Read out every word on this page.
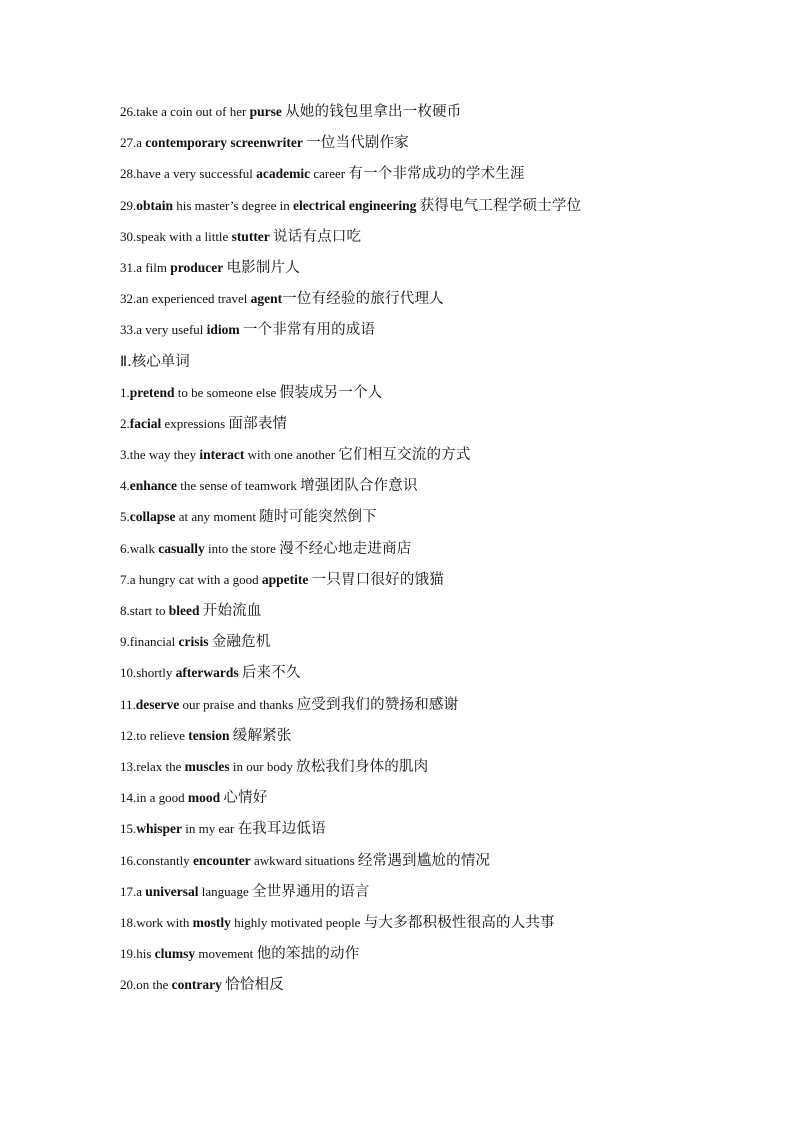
26.take a coin out of her purse 从她的钱包里拿出一枚硬币
27.a contemporary screenwriter 一位当代剧作家
28.have a very successful academic career 有一个非常成功的学术生涯
29.obtain his master’s degree in electrical engineering 获得电气工程学硕士学位
30.speak with a little stutter 说话有点口吃
31.a film producer 电影制片人
32.an experienced travel agent一位有经验的旅行代理人
33.a very useful idiom 一个非常有用的成语
Ⅱ.核心单词
1.pretend to be someone else 假装成另一个人
2.facial expressions 面部表情
3.the way they interact with one another 它们相互交流的方式
4.enhance the sense of teamwork 增强团队合作意识
5.collapse at any moment 随时可能突然倒下
6.walk casually into the store 漫不经心地走进商店
7.a hungry cat with a good appetite 一只胃口很好的饿猫
8.start to bleed 开始流血
9.financial crisis 金融危机
10.shortly afterwards 后来不久
11.deserve our praise and thanks 应受到我们的赞扬和感谢
12.to relieve tension 缓解紧张
13.relax the muscles in our body 放松我们身体的肌肉
14.in a good mood 心情好
15.whisper in my ear 在我耳边低语
16.constantly encounter awkward situations 经常遇到尴尬的情况
17.a universal language 全世界通用的语言
18.work with mostly highly motivated people 与大多都积极性很高的人共事
19.his clumsy movement 他的笨拙的动作
20.on the contrary 恰恰相反
